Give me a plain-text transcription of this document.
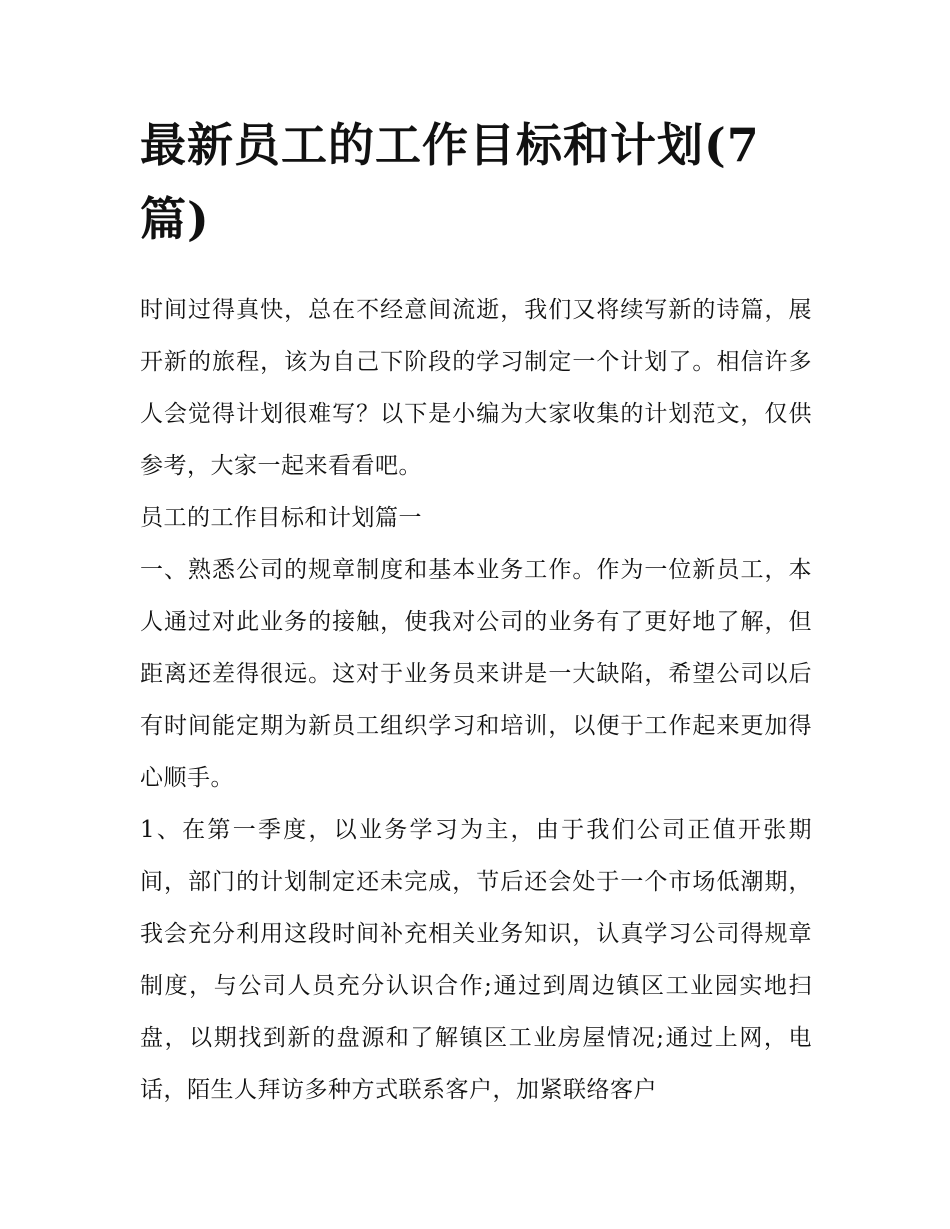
最新员工的工作目标和计划(7篇)

时间过得真快，总在不经意间流逝，我们又将续写新的诗篇，展开新的旅程，该为自己下阶段的学习制定一个计划了。相信许多人会觉得计划很难写？以下是小编为大家收集的计划范文，仅供参考，大家一起来看看吧。

员工的工作目标和计划篇一

一、熟悉公司的规章制度和基本业务工作。作为一位新员工，本人通过对此业务的接触，使我对公司的业务有了更好地了解，但距离还差得很远。这对于业务员来讲是一大缺陷，希望公司以后有时间能定期为新员工组织学习和培训，以便于工作起来更加得心顺手。

1、在第一季度，以业务学习为主，由于我们公司正值开张期间，部门的计划制定还未完成，节后还会处于一个市场低潮期，我会充分利用这段时间补充相关业务知识，认真学习公司得规章制度，与公司人员充分认识合作;通过到周边镇区工业园实地扫盘，以期找到新的盘源和了解镇区工业房屋情况;通过上网，电话，陌生人拜访多种方式联系客户，加紧联络客户
